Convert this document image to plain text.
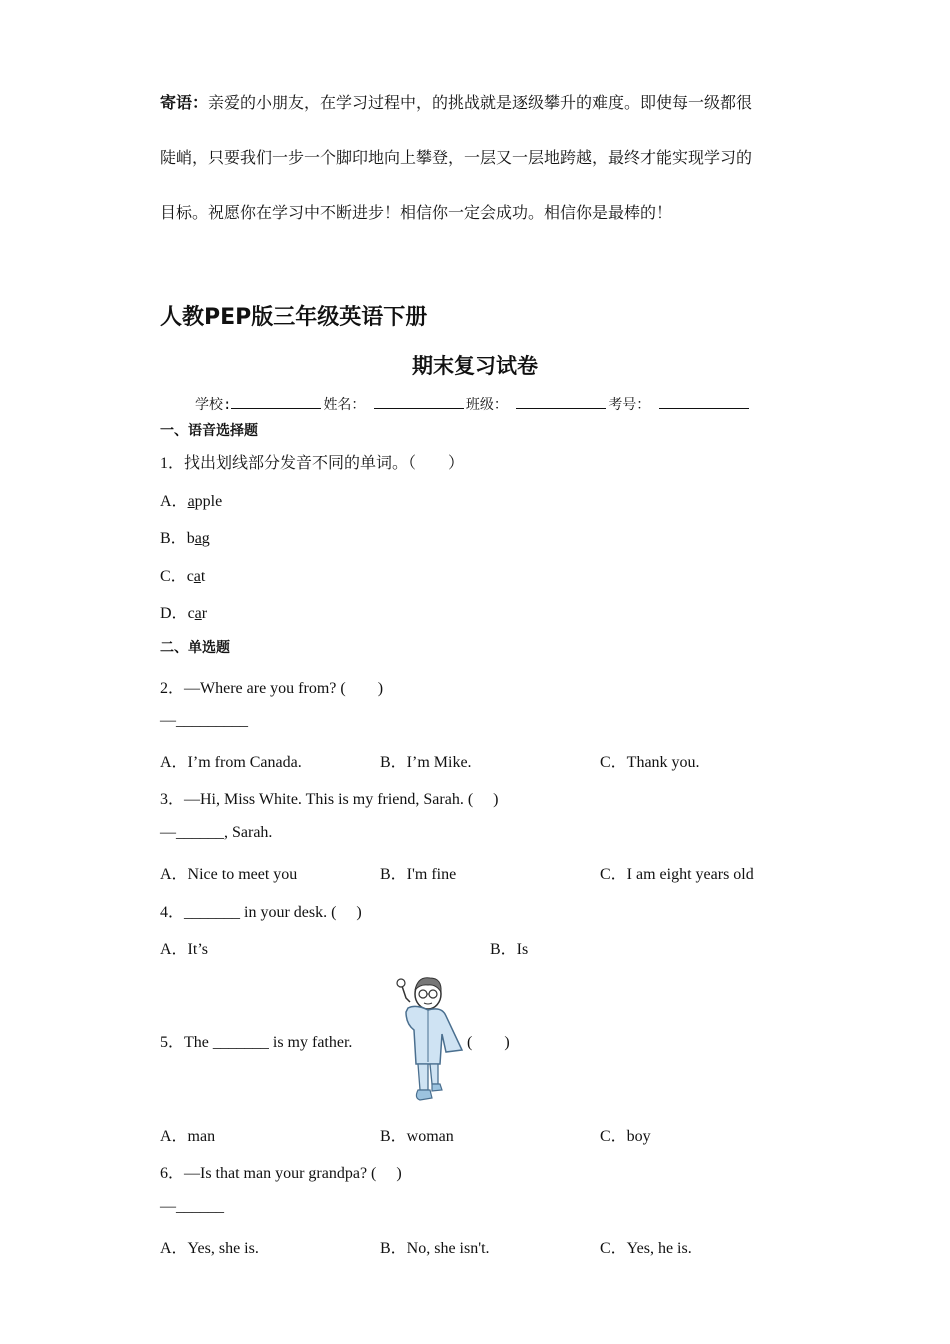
寄语：亲爱的小朋友，在学习过程中，的挑战就是逐级攀升的难度。即使每一级都很
陡峭，只要我们一步一个脚印地向上攀登，一层又一层地跨越，最终才能实现学习的
目标。祝愿你在学习中不断进步！相信你一定会成功。相信你是最棒的！
人教PEP版三年级英语下册
期末复习试卷
学校:	姓名：	班级：	考号：
一、语音选择题
1．找出划线部分发音不同的单词。（　　）
A．apple
B．bag
C．cat
D．car
二、单选题
2．—Where are you from? (　　)
—_________
A．I’m from Canada.	B．I’m Mike.	C．Thank you.
3．—Hi, Miss White. This is my friend, Sarah. (　 )
—______, Sarah.
A．Nice to meet you	B．I'm fine	C．I am eight years old
4．_______ in your desk. (　 )
A．It’s	B．Is
5．The _______ is my father.	(　　)
A．man	B．woman	C．boy
6．—Is that man your grandpa? (　 )
—______
A．Yes, she is.	B．No, she isn't.	C．Yes, he is.
